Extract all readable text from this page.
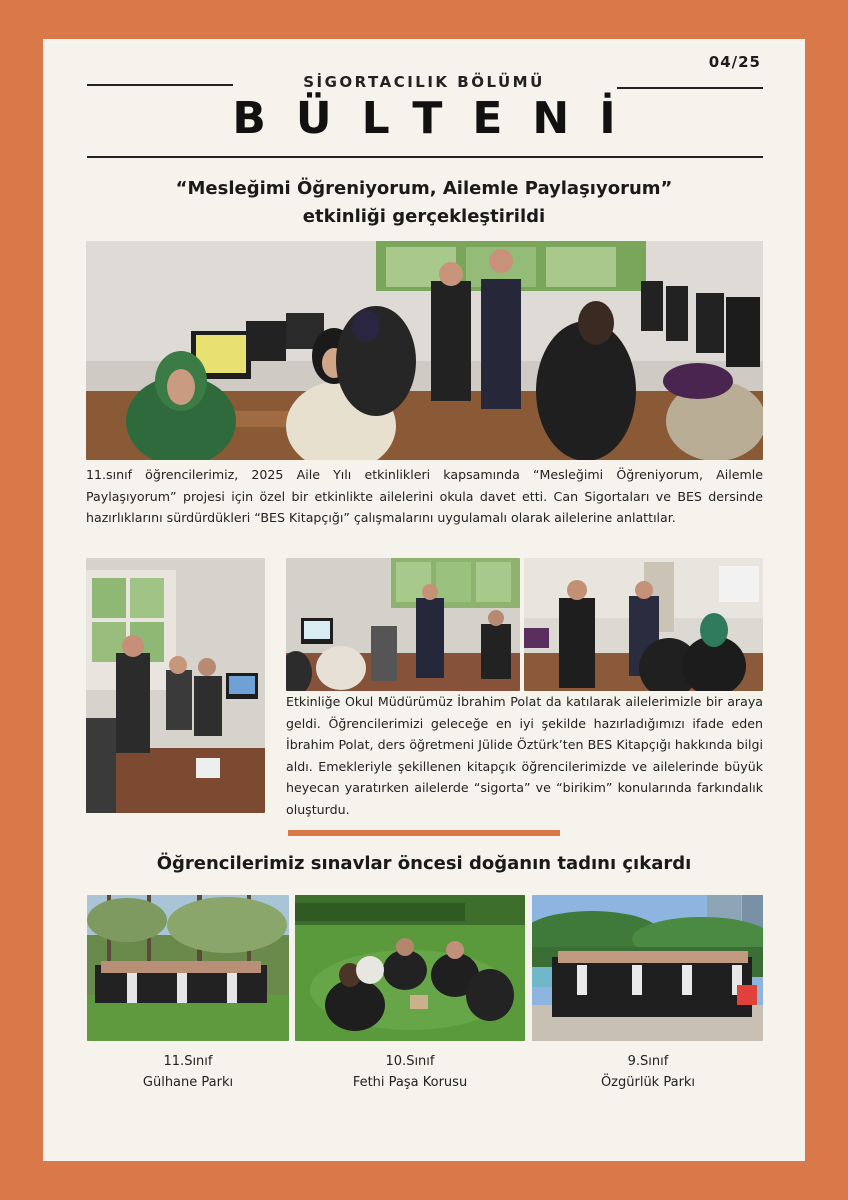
04/25
SİGORTACILIK BÖLÜMÜ
BÜLTENİ
“Mesleğimi Öğreniyorum, Ailemle Paylaşıyorum”
etkinliği gerçekleştirildi
11.sınıf öğrencilerimiz, 2025 Aile Yılı etkinlikleri kapsamında “Mesleğimi Öğreniyorum, Ailemle Paylaşıyorum” projesi için özel bir etkinlikte ailelerini okula davet etti. Can Sigortaları ve BES dersinde hazırlıklarını sürdürdükleri “BES Kitapçığı” çalışmalarını uygulamalı olarak ailelerine anlattılar.
Etkinliğe Okul Müdürümüz İbrahim Polat da katılarak ailelerimizle bir araya geldi. Öğrencilerimizi geleceğe en iyi şekilde hazırladığımızı ifade eden İbrahim Polat, ders öğretmeni Jülide Öztürk’ten BES Kitapçığı hakkında bilgi aldı. Emekleriyle şekillenen kitapçık öğrencilerimizde ve ailelerinde büyük heyecan yaratırken ailelerde “sigorta” ve “birikim” konularında farkındalık oluşturdu.
Öğrencilerimiz sınavlar öncesi doğanın tadını çıkardı
11.Sınıf
Gülhane Parkı
10.Sınıf
Fethi Paşa Korusu
9.Sınıf
Özgürlük Parkı
